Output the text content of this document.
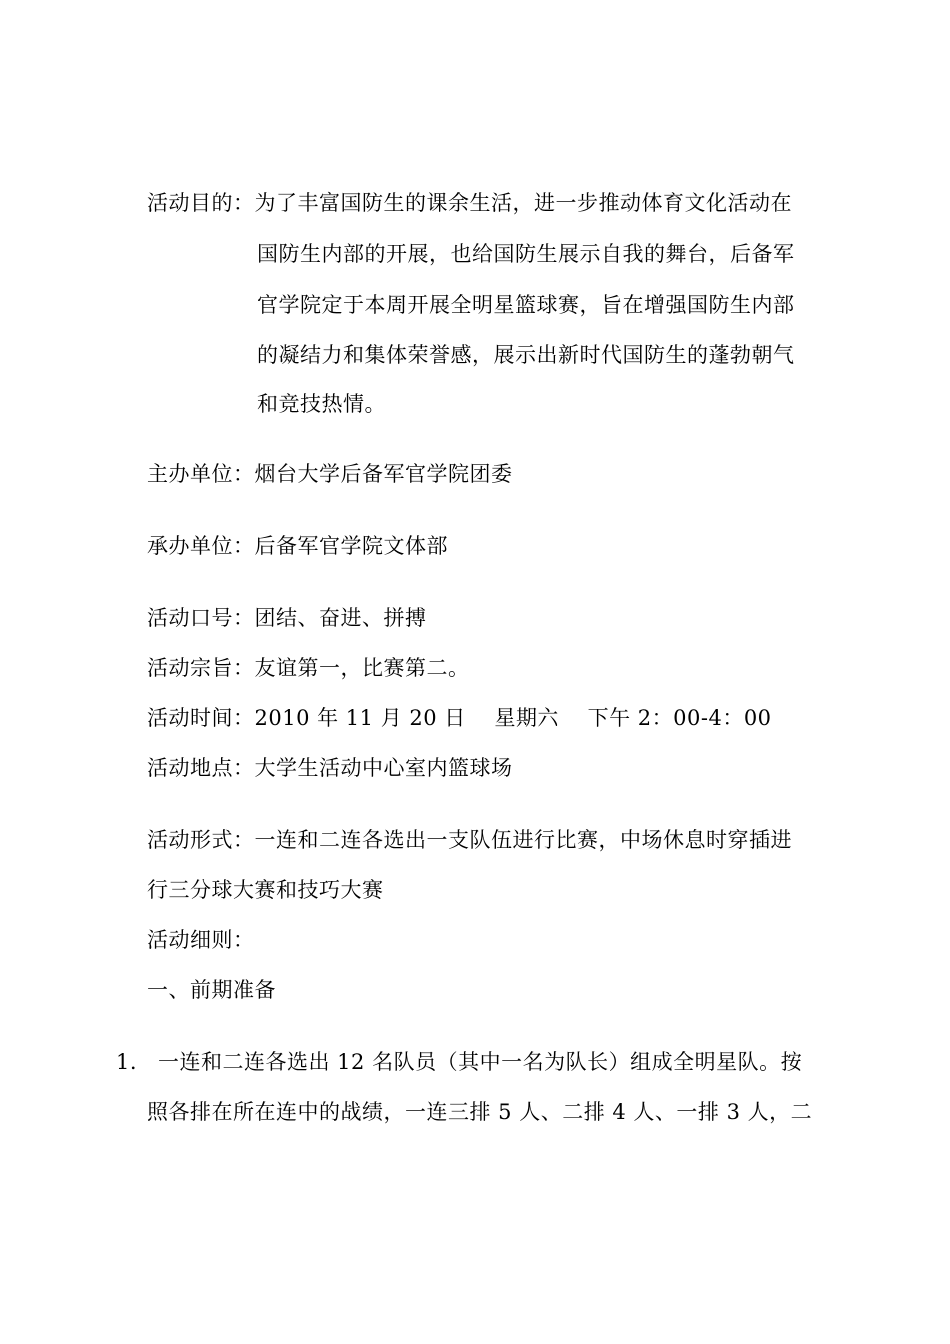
活动目的：为了丰富国防生的课余生活，进一步推动体育文化活动在
国防生内部的开展，也给国防生展示自我的舞台，后备军
官学院定于本周开展全明星篮球赛，旨在增强国防生内部
的凝结力和集体荣誉感，展示出新时代国防生的蓬勃朝气
和竞技热情。
主办单位：烟台大学后备军官学院团委
承办单位：后备军官学院文体部
活动口号：团结、奋进、拼搏
活动宗旨：友谊第一，比赛第二。
活动时间：2010 年 11 月 20 日　 星期六　 下午 2：00-4：00
活动地点：大学生活动中心室内篮球场
活动形式：一连和二连各选出一支队伍进行比赛，中场休息时穿插进
行三分球大赛和技巧大赛
活动细则：
一、前期准备
1. 一连和二连各选出 12 名队员（其中一名为队长）组成全明星队。按
照各排在所在连中的战绩，一连三排 5 人、二排 4 人、一排 3 人，二
